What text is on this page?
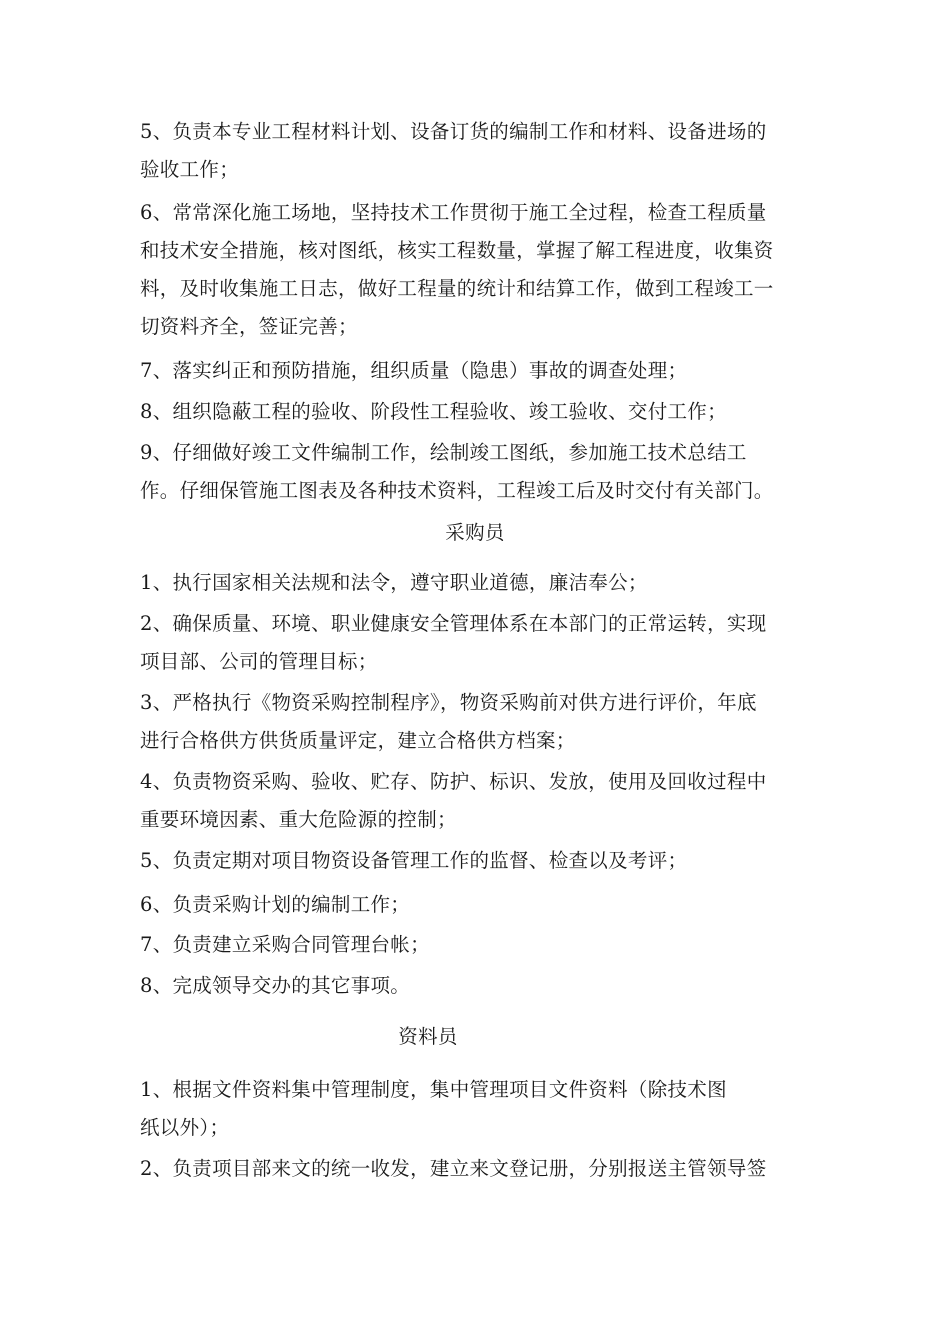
5、负责本专业工程材料计划、设备订货的编制工作和材料、设备进场的
验收工作；

6、常常深化施工场地，坚持技术工作贯彻于施工全过程，检查工程质量
和技术安全措施，核对图纸，核实工程数量，掌握了解工程进度，收集资
料，及时收集施工日志，做好工程量的统计和结算工作，做到工程竣工一
切资料齐全，签证完善；

7、落实纠正和预防措施，组织质量（隐患）事故的调查处理；

8、组织隐蔽工程的验收、阶段性工程验收、竣工验收、交付工作；

9、仔细做好竣工文件编制工作，绘制竣工图纸，参加施工技术总结工
作。仔细保管施工图表及各种技术资料，工程竣工后及时交付有关部门。

采购员

1、执行国家相关法规和法令，遵守职业道德，廉洁奉公；

2、确保质量、环境、职业健康安全管理体系在本部门的正常运转，实现
项目部、公司的管理目标；

3、严格执行《物资采购控制程序》，物资采购前对供方进行评价，年底
进行合格供方供货质量评定，建立合格供方档案；

4、负责物资采购、验收、贮存、防护、标识、发放，使用及回收过程中
重要环境因素、重大危险源的控制；

5、负责定期对项目物资设备管理工作的监督、检查以及考评；

6、负责采购计划的编制工作；

7、负责建立采购合同管理台帐；

8、完成领导交办的其它事项。

资料员

1、根据文件资料集中管理制度，集中管理项目文件资料（除技术图
纸以外）；

2、负责项目部来文的统一收发，建立来文登记册，分别报送主管领导签
